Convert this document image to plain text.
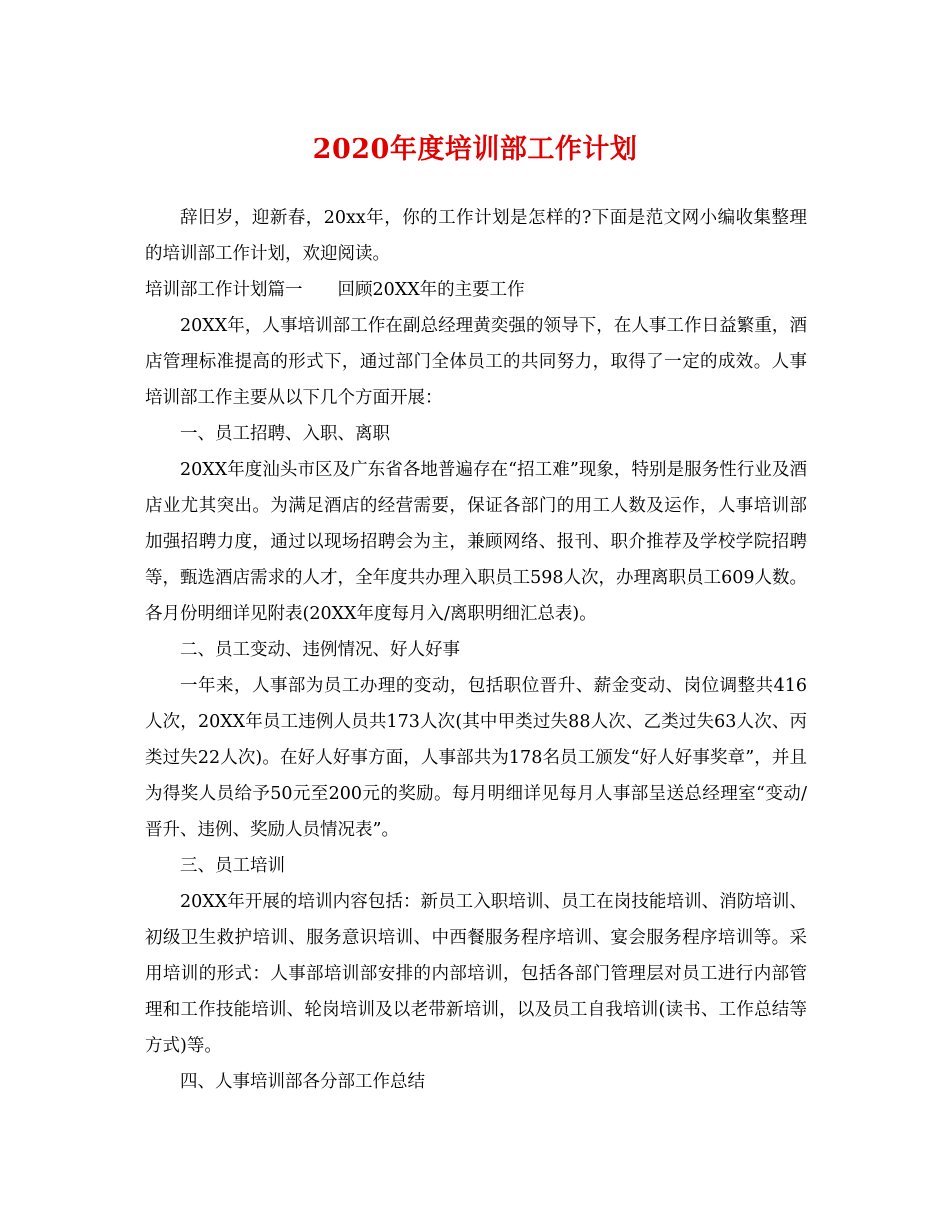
2020年度培训部工作计划

辞旧岁，迎新春，20xx年，你的工作计划是怎样的?下面是范文网小编收集整理的培训部工作计划，欢迎阅读。

培训部工作计划篇一　　回顾20XX年的主要工作

20XX年，人事培训部工作在副总经理黄奕强的领导下，在人事工作日益繁重，酒店管理标准提高的形式下，通过部门全体员工的共同努力，取得了一定的成效。人事培训部工作主要从以下几个方面开展：

一、员工招聘、入职、离职

20XX年度汕头市区及广东省各地普遍存在“招工难”现象，特别是服务性行业及酒店业尤其突出。为满足酒店的经营需要，保证各部门的用工人数及运作，人事培训部加强招聘力度，通过以现场招聘会为主，兼顾网络、报刊、职介推荐及学校学院招聘等，甄选酒店需求的人才，全年度共办理入职员工598人次，办理离职员工609人数。各月份明细详见附表(20XX年度每月入/离职明细汇总表)。

二、员工变动、违例情况、好人好事

一年来，人事部为员工办理的变动，包括职位晋升、薪金变动、岗位调整共416人次，20XX年员工违例人员共173人次(其中甲类过失88人次、乙类过失63人次、丙类过失22人次)。在好人好事方面，人事部共为178名员工颁发“好人好事奖章”，并且为得奖人员给予50元至200元的奖励。每月明细详见每月人事部呈送总经理室“变动/晋升、违例、奖励人员情况表”。

三、员工培训

20XX年开展的培训内容包括：新员工入职培训、员工在岗技能培训、消防培训、初级卫生救护培训、服务意识培训、中西餐服务程序培训、宴会服务程序培训等。采用培训的形式：人事部培训部安排的内部培训，包括各部门管理层对员工进行内部管理和工作技能培训、轮岗培训及以老带新培训，以及员工自我培训(读书、工作总结等方式)等。

四、人事培训部各分部工作总结
